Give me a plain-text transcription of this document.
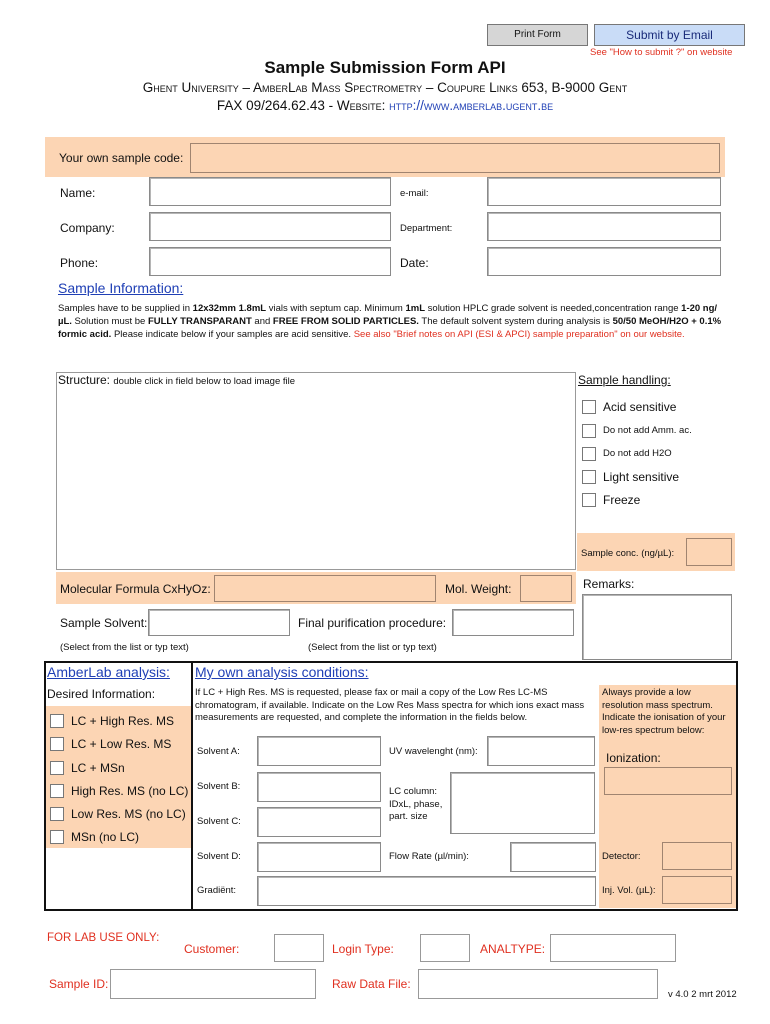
Print Form	Submit by Email
See "How to submit ?" on website
Sample Submission Form API
Ghent University – AmberLab Mass Spectrometry – Coupure Links 653, B-9000 Gent
FAX 09/264.62.43 - Website: http://www.amberlab.ugent.be
Your own sample code:
Name:	e-mail:
Company:	Department:
Phone:	Date:
Sample Information:
Samples have to be supplied in 12x32mm 1.8mL vials with septum cap. Minimum 1mL solution HPLC grade solvent is needed,concentration range 1-20 ng/µL. Solution must be FULLY TRANSPARANT and FREE FROM SOLID PARTICLES. The default solvent system during analysis is 50/50 MeOH/H2O + 0.1% formic acid. Please indicate below if your samples are acid sensitive. See also "Brief notes on API (ESI & APCI) sample preparation" on our website.
Structure: double click in field below to load image file	Sample handling:
Acid sensitive
Do not add Amm. ac.
Do not add H2O
Light sensitive
Freeze
Sample conc. (ng/µL):
Remarks:
Molecular Formula CxHyOz:	Mol. Weight:
Sample Solvent:	Final purification procedure:
(Select from the list or typ text)	(Select from the list or typ text)
AmberLab analysis:
Desired Information:
LC + High Res. MS
LC + Low Res. MS
LC + MSn
High Res. MS (no LC)
Low Res. MS (no LC)
MSn (no LC)
My own analysis conditions:
If LC + High Res. MS is requested, please fax or mail a copy of the Low Res LC-MS chromatogram, if available. Indicate on the Low Res Mass spectra for which ions exact mass measurements are requested, and complete the information in the fields below.
Solvent A:	UV wavelenght (nm):
Solvent B:	LC column: IDxL, phase, part. size
Solvent C:
Solvent D:	Flow Rate (µl/min):
Gradiënt:
Always provide a low resolution mass spectrum. Indicate the ionisation of your low-res spectrum below:
Ionization:
Detector:
Inj. Vol. (µL):
FOR LAB USE ONLY:
Customer:	Login Type:	ANALTYPE:
Sample ID:	Raw Data File:
v 4.0 2 mrt 2012
